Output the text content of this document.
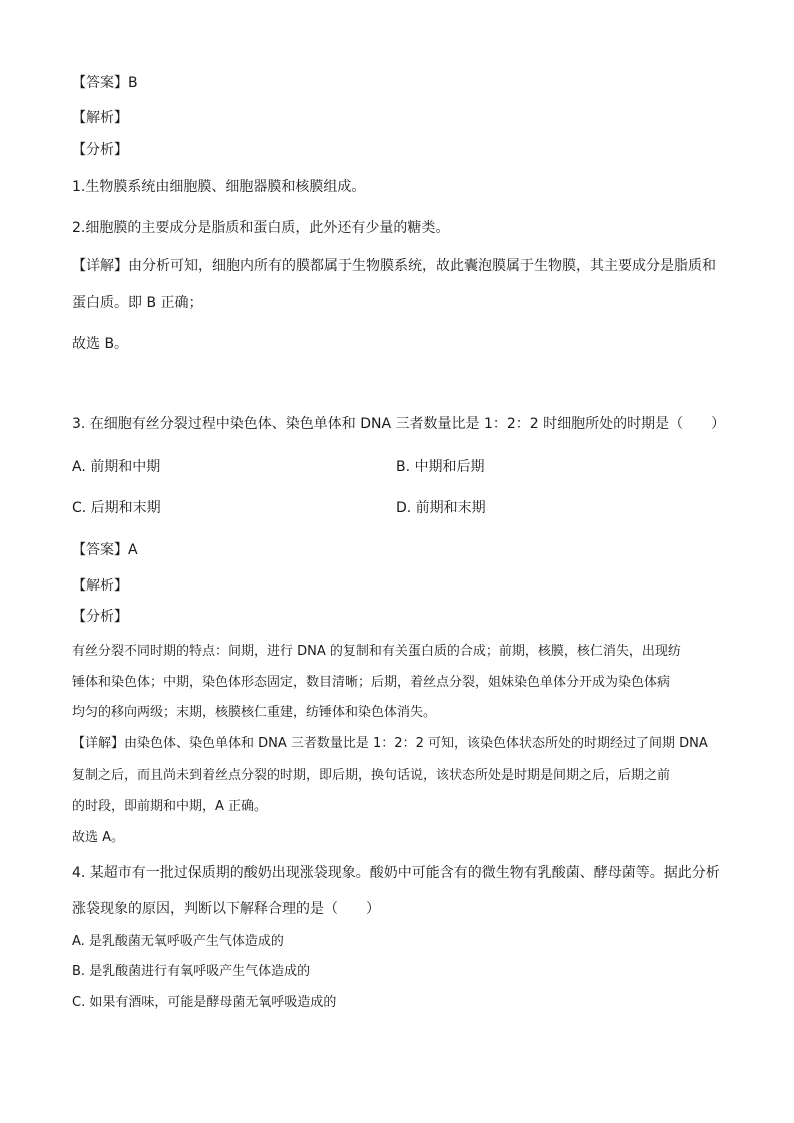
【答案】B
【解析】
【分析】
1.生物膜系统由细胞膜、细胞器膜和核膜组成。
2.细胞膜的主要成分是脂质和蛋白质，此外还有少量的糖类。
【详解】由分析可知，细胞内所有的膜都属于生物膜系统，故此囊泡膜属于生物膜，其主要成分是脂质和
蛋白质。即 B 正确；
故选 B。
3. 在细胞有丝分裂过程中染色体、染色单体和 DNA 三者数量比是 1：2：2 时细胞所处的时期是（　　）
A. 前期和中期	B. 中期和后期
C. 后期和末期	D. 前期和末期
【答案】A
【解析】
【分析】
有丝分裂不同时期的特点：间期，进行 DNA 的复制和有关蛋白质的合成；前期，核膜，核仁消失，出现纺
锤体和染色体；中期，染色体形态固定，数目清晰；后期，着丝点分裂，姐妹染色单体分开成为染色体病
均匀的移向两级；末期，核膜核仁重建，纺锤体和染色体消失。
【详解】由染色体、染色单体和 DNA 三者数量比是 1：2：2 可知，该染色体状态所处的时期经过了间期 DNA
复制之后，而且尚未到着丝点分裂的时期，即后期，换句话说，该状态所处是时期是间期之后，后期之前
的时段，即前期和中期，A 正确。
故选 A。
4. 某超市有一批过保质期的酸奶出现涨袋现象。酸奶中可能含有的微生物有乳酸菌、酵母菌等。据此分析
涨袋现象的原因，判断以下解释合理的是（　　）
A. 是乳酸菌无氧呼吸产生气体造成的
B. 是乳酸菌进行有氧呼吸产生气体造成的
C. 如果有酒味，可能是酵母菌无氧呼吸造成的
